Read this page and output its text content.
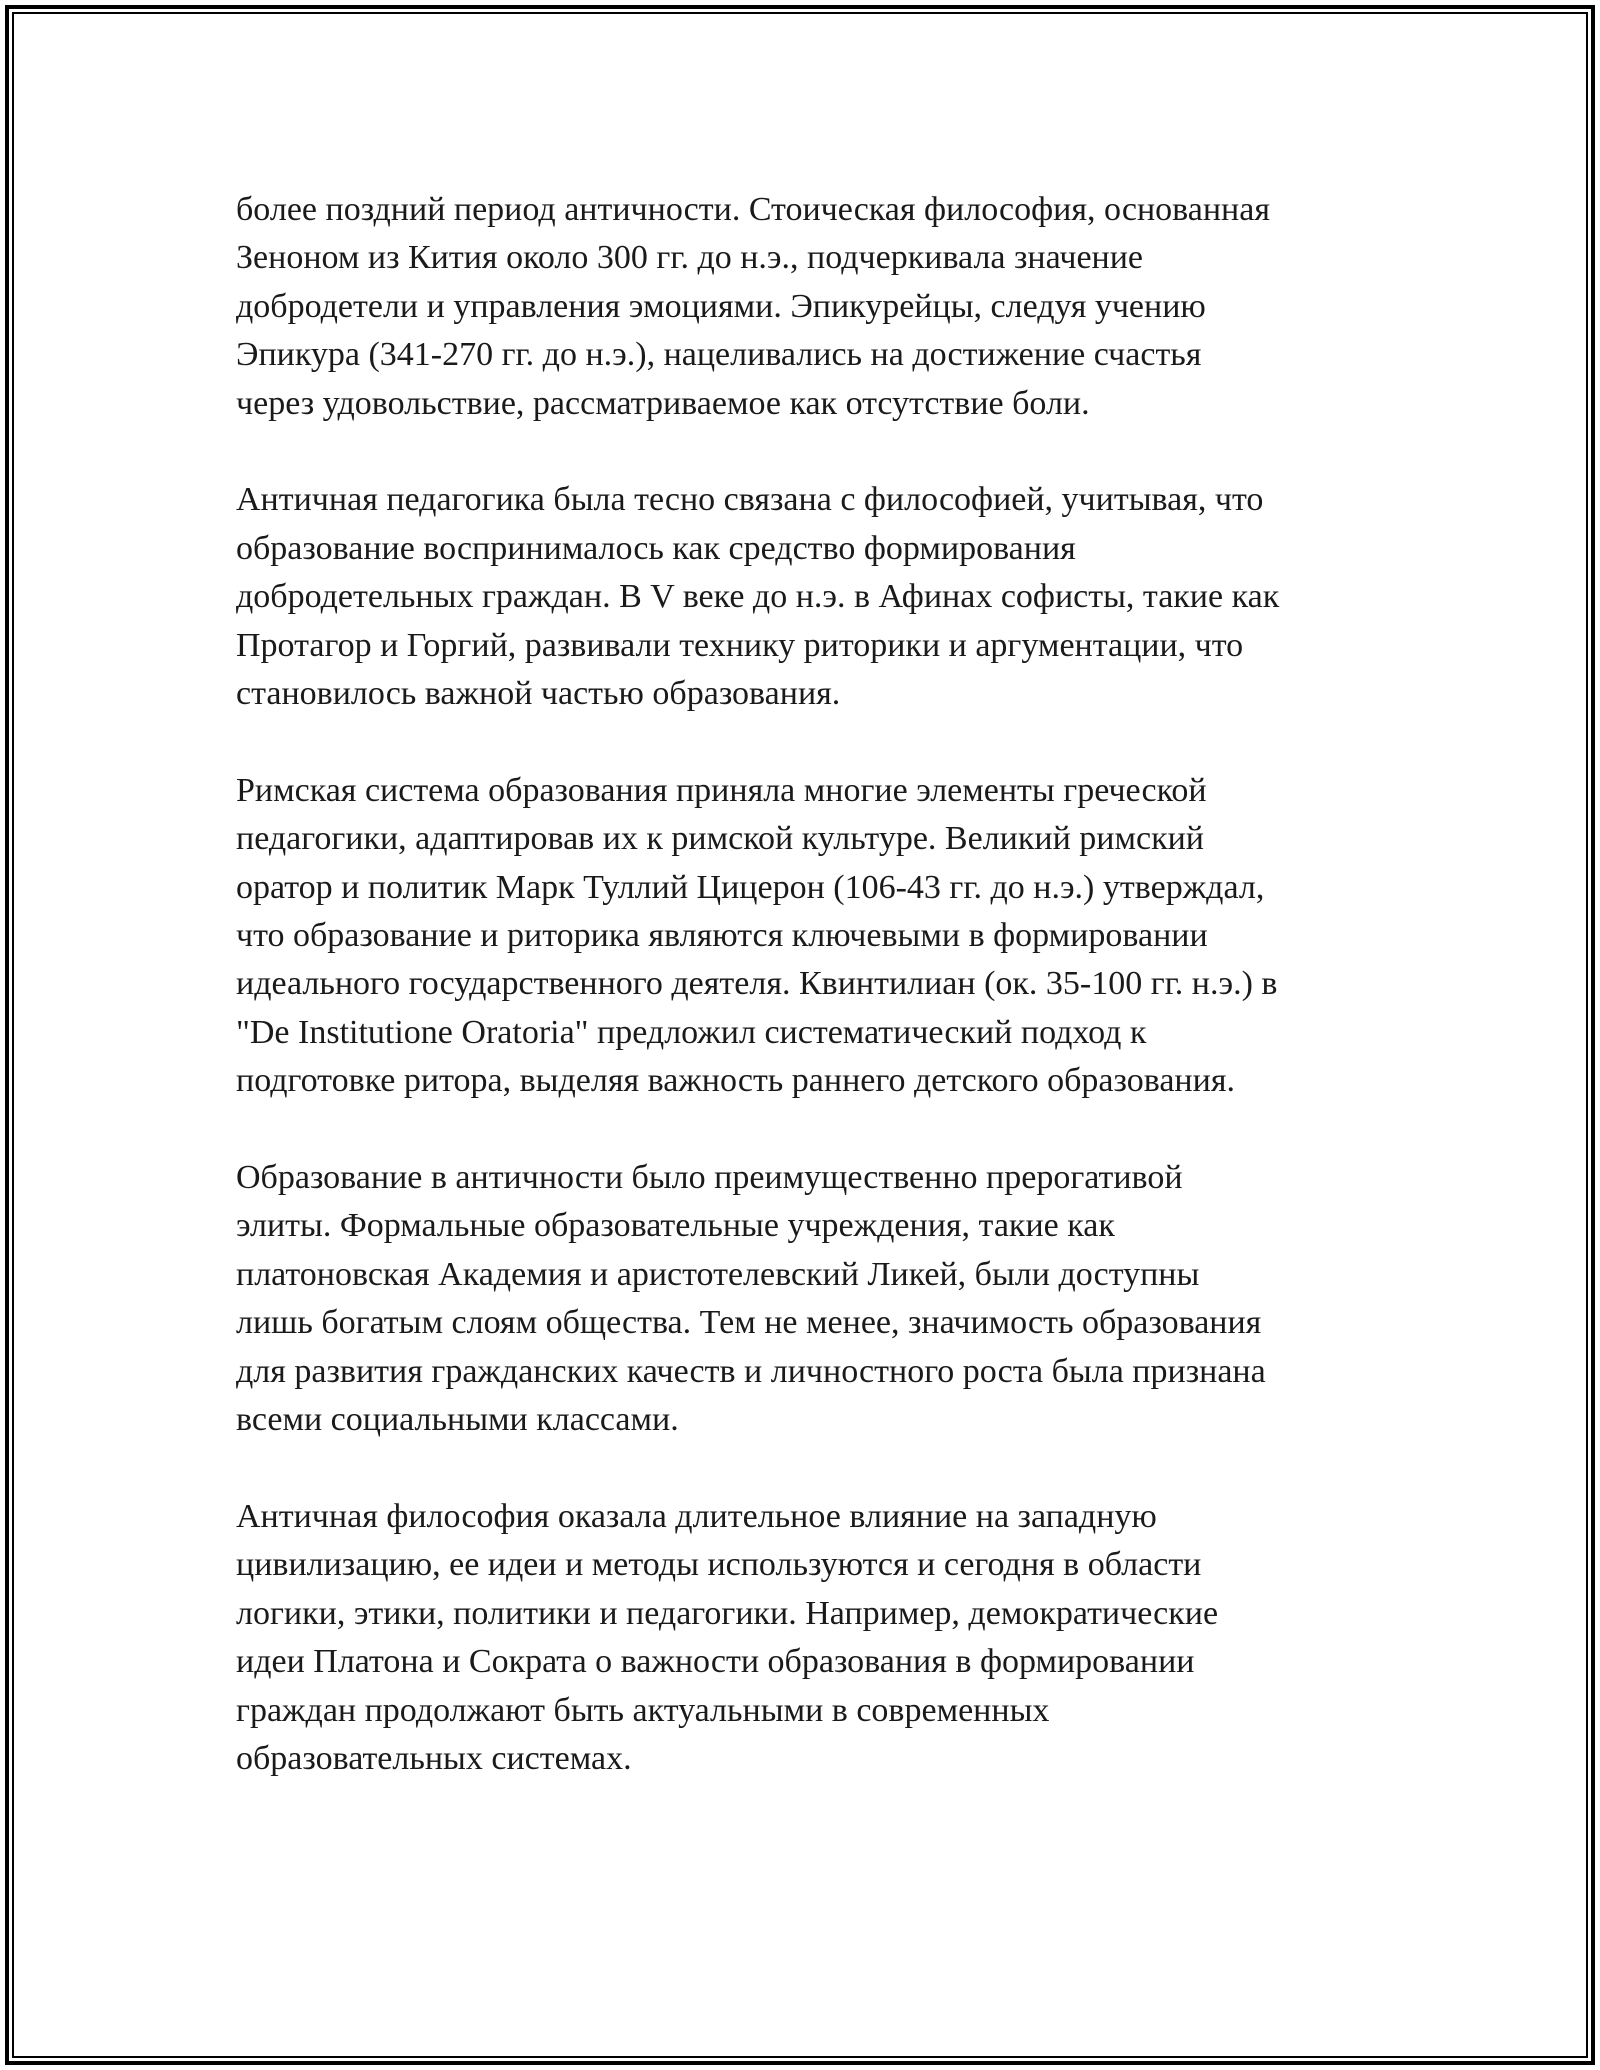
более поздний период античности. Стоическая философия, основанная
Зеноном из Кития около 300 гг. до н.э., подчеркивала значение
добродетели и управления эмоциями. Эпикурейцы, следуя учению
Эпикура (341-270 гг. до н.э.), нацеливались на достижение счастья
через удовольствие, рассматриваемое как отсутствие боли.

Античная педагогика была тесно связана с философией, учитывая, что
образование воспринималось как средство формирования
добродетельных граждан. В V веке до н.э. в Афинах софисты, такие как
Протагор и Горгий, развивали технику риторики и аргументации, что
становилось важной частью образования.

Римская система образования приняла многие элементы греческой
педагогики, адаптировав их к римской культуре. Великий римский
оратор и политик Марк Туллий Цицерон (106-43 гг. до н.э.) утверждал,
что образование и риторика являются ключевыми в формировании
идеального государственного деятеля. Квинтилиан (ок. 35-100 гг. н.э.) в
"De Institutione Oratoria" предложил систематический подход к
подготовке ритора, выделяя важность раннего детского образования.

Образование в античности было преимущественно прерогативой
элиты. Формальные образовательные учреждения, такие как
платоновская Академия и аристотелевский Ликей, были доступны
лишь богатым слоям общества. Тем не менее, значимость образования
для развития гражданских качеств и личностного роста была признана
всеми социальными классами.

Античная философия оказала длительное влияние на западную
цивилизацию, ее идеи и методы используются и сегодня в области
логики, этики, политики и педагогики. Например, демократические
идеи Платона и Сократа о важности образования в формировании
граждан продолжают быть актуальными в современных
образовательных системах.
